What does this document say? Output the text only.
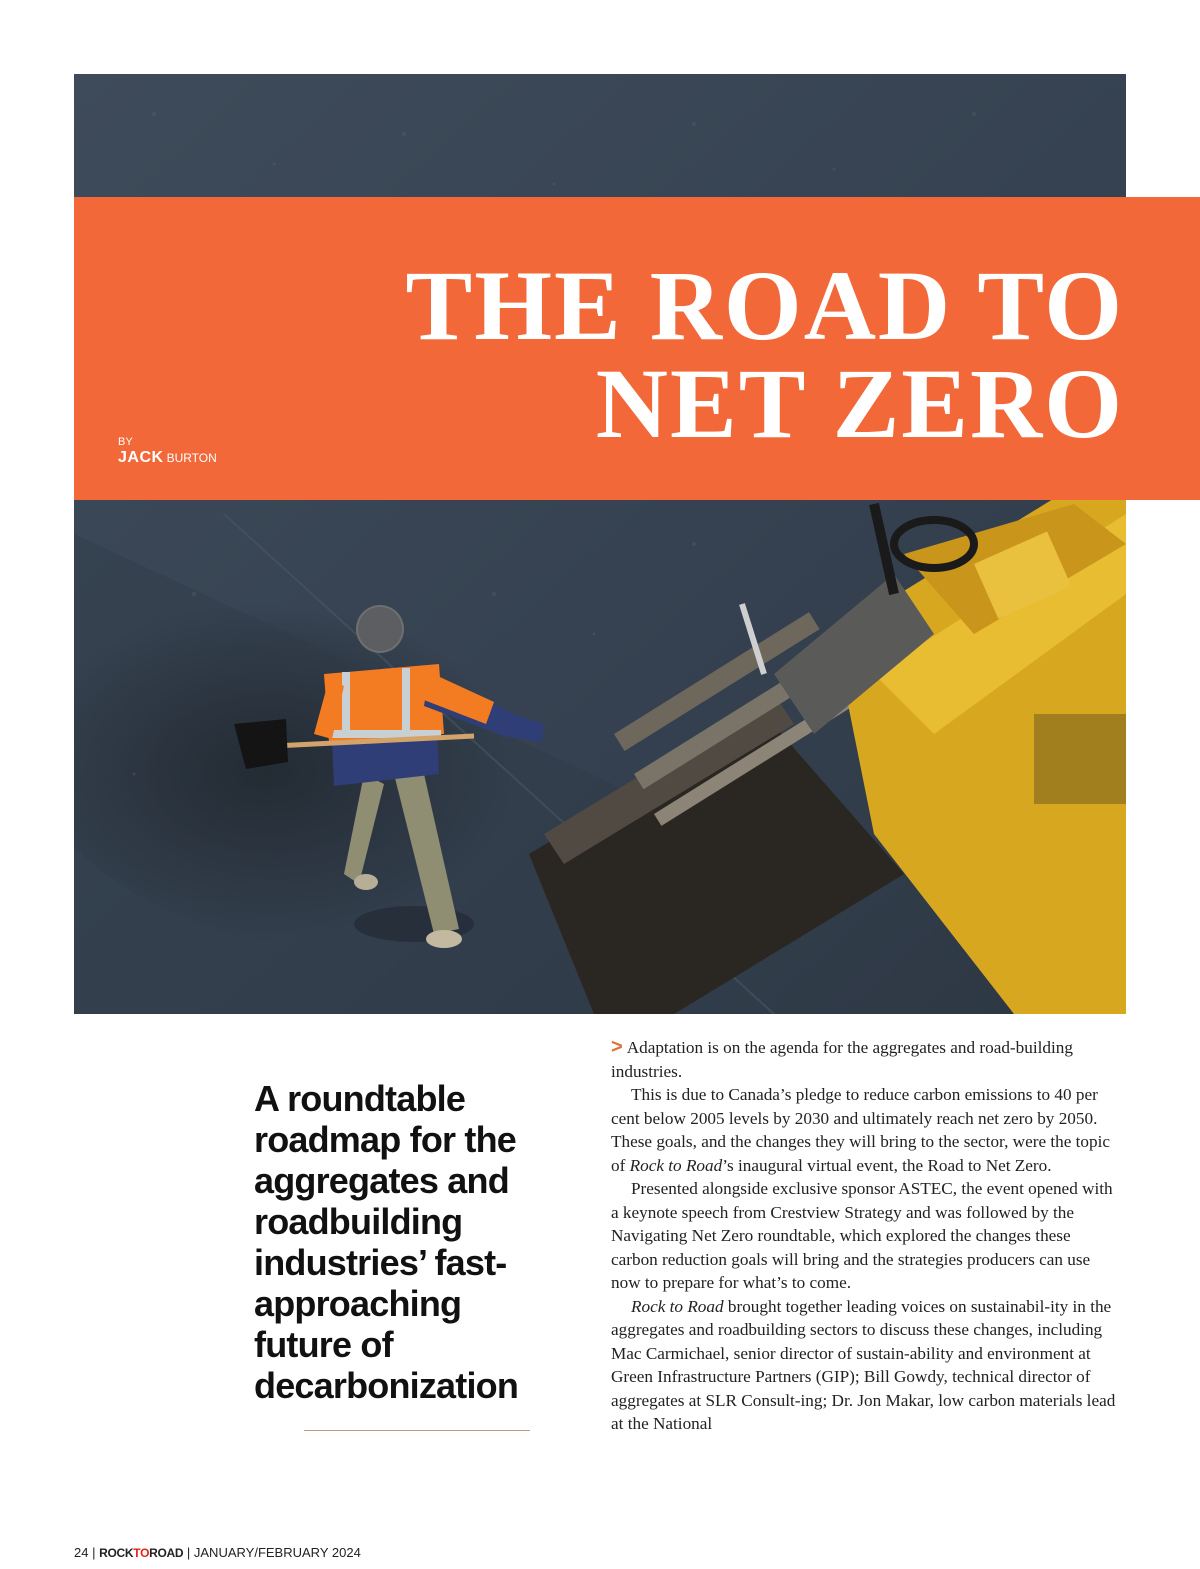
THE ROAD TO
NET ZERO
BY
JACK BURTON
A roundtable roadmap for the aggregates and roadbuilding industries’ fast-approaching future of decarbonization

> Adaptation is on the agenda for the aggregates and road-building industries.

This is due to Canada’s pledge to reduce carbon emissions to 40 per cent below 2005 levels by 2030 and ultimately reach net zero by 2050. These goals, and the changes they will bring to the sector, were the topic of Rock to Road’s inaugural virtual event, the Road to Net Zero.

Presented alongside exclusive sponsor ASTEC, the event opened with a keynote speech from Crestview Strategy and was followed by the Navigating Net Zero roundtable, which explored the changes these carbon reduction goals will bring and the strategies producers can use now to prepare for what’s to come.

Rock to Road brought together leading voices on sustainabil-ity in the aggregates and roadbuilding sectors to discuss these changes, including Mac Carmichael, senior director of sustain-ability and environment at Green Infrastructure Partners (GIP); Bill Gowdy, technical director of aggregates at SLR Consult-ing; Dr. Jon Makar, low carbon materials lead at the National

24 | ROCKTOROAD | JANUARY/FEBRUARY 2024
